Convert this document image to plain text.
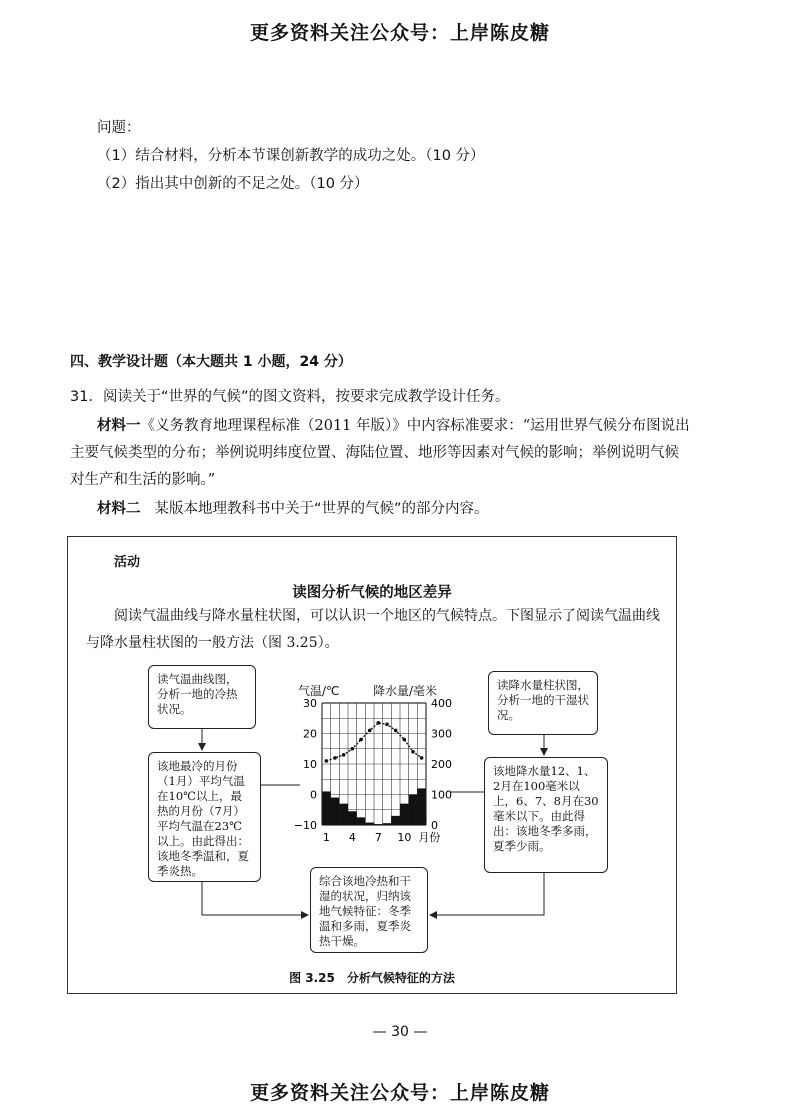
更多资料关注公众号：上岸陈皮糖
问题：
（1）结合材料，分析本节课创新教学的成功之处。（10 分）
（2）指出其中创新的不足之处。（10 分）
四、教学设计题（本大题共 1 小题，24 分）
31．阅读关于“世界的气候”的图文资料，按要求完成教学设计任务。
材料一《义务教育地理课程标准（2011 年版）》中内容标准要求：“运用世界气候分布图说出主要气候类型的分布；举例说明纬度位置、海陆位置、地形等因素对气候的影响；举例说明气候对生产和生活的影响。”
材料二 某版本地理教科书中关于“世界的气候”的部分内容。
活动
读图分析气候的地区差异
阅读气温曲线与降水量柱状图，可以认识一个地区的气候特点。下图显示了阅读气温曲线与降水量柱状图的一般方法（图 3.25）。
读气温曲线图，分析一地的冷热状况。
该地最冷的月份（1月）平均气温在10℃以上，最热的月份（7月）平均气温在23℃以上。由此得出：该地冬季温和，夏季炎热。
读降水量柱状图，分析一地的干湿状况。
该地降水量12、1、2月在100毫米以上，6、7、8月在30毫米以下。由此得出：该地冬季多雨，夏季少雨。
综合该地冷热和干湿的状况，归纳该地气候特征：冬季温和多雨，夏季炎热干燥。
气温/℃	降水量/毫米
30
20
10
0
−10
400
300
200
100
0
1 4 7 10 月份
图 3.25　分析气候特征的方法
— 30 —
更多资料关注公众号：上岸陈皮糖
